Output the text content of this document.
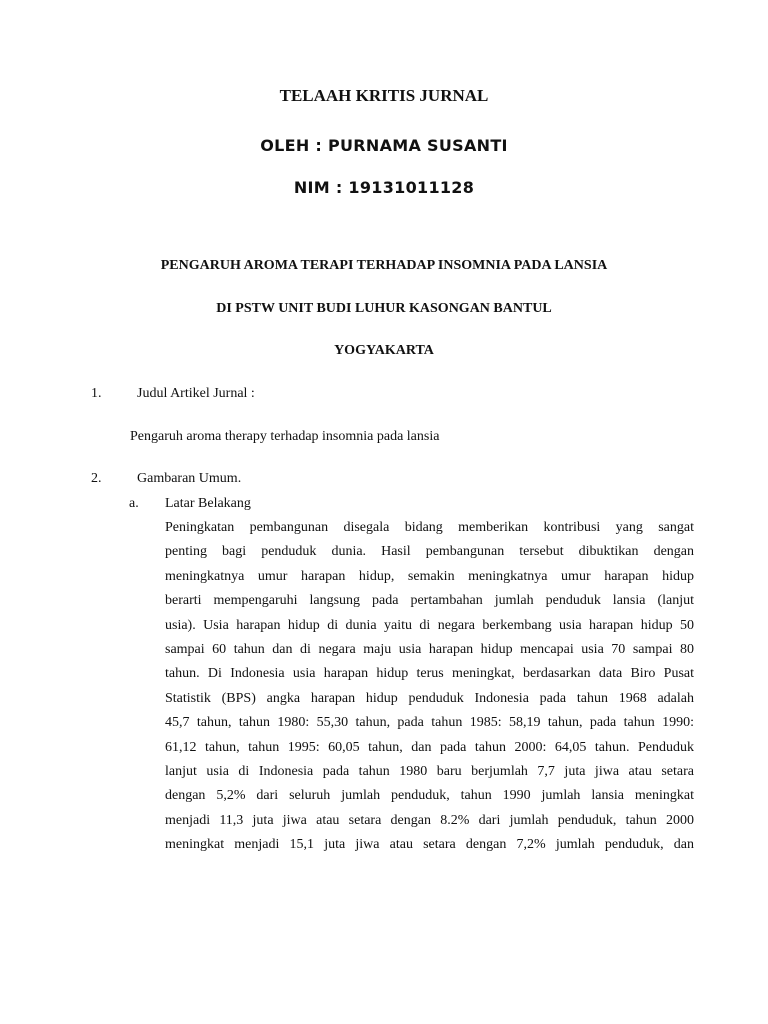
TELAAH KRITIS JURNAL
OLEH : PURNAMA SUSANTI
NIM : 19131011128
PENGARUH AROMA TERAPI TERHADAP INSOMNIA PADA LANSIA
DI PSTW UNIT BUDI LUHUR KASONGAN BANTUL
YOGYAKARTA
1.	Judul Artikel Jurnal :
Pengaruh aroma therapy terhadap insomnia pada lansia
2.	Gambaran Umum.
a. Latar Belakang
Peningkatan pembangunan disegala bidang memberikan kontribusi yang sangat
penting bagi penduduk dunia. Hasil pembangunan tersebut dibuktikan dengan
meningkatnya umur harapan hidup, semakin meningkatnya umur harapan hidup
berarti mempengaruhi langsung pada pertambahan jumlah penduduk lansia (lanjut
usia). Usia harapan hidup di dunia yaitu di negara berkembang usia harapan hidup 50
sampai 60 tahun dan di negara maju usia harapan hidup mencapai usia 70 sampai 80
tahun. Di Indonesia usia harapan hidup terus meningkat, berdasarkan data Biro Pusat
Statistik (BPS) angka harapan hidup penduduk Indonesia pada tahun 1968 adalah
45,7 tahun, tahun 1980: 55,30 tahun, pada tahun 1985: 58,19 tahun, pada tahun 1990:
61,12 tahun, tahun 1995: 60,05 tahun, dan pada tahun 2000: 64,05 tahun. Penduduk
lanjut usia di Indonesia pada tahun 1980 baru berjumlah 7,7 juta jiwa atau setara
dengan 5,2% dari seluruh jumlah penduduk, tahun 1990 jumlah lansia meningkat
menjadi 11,3 juta jiwa atau setara dengan 8.2% dari jumlah penduduk, tahun 2000
meningkat menjadi 15,1 juta jiwa atau setara dengan 7,2% jumlah penduduk, dan
